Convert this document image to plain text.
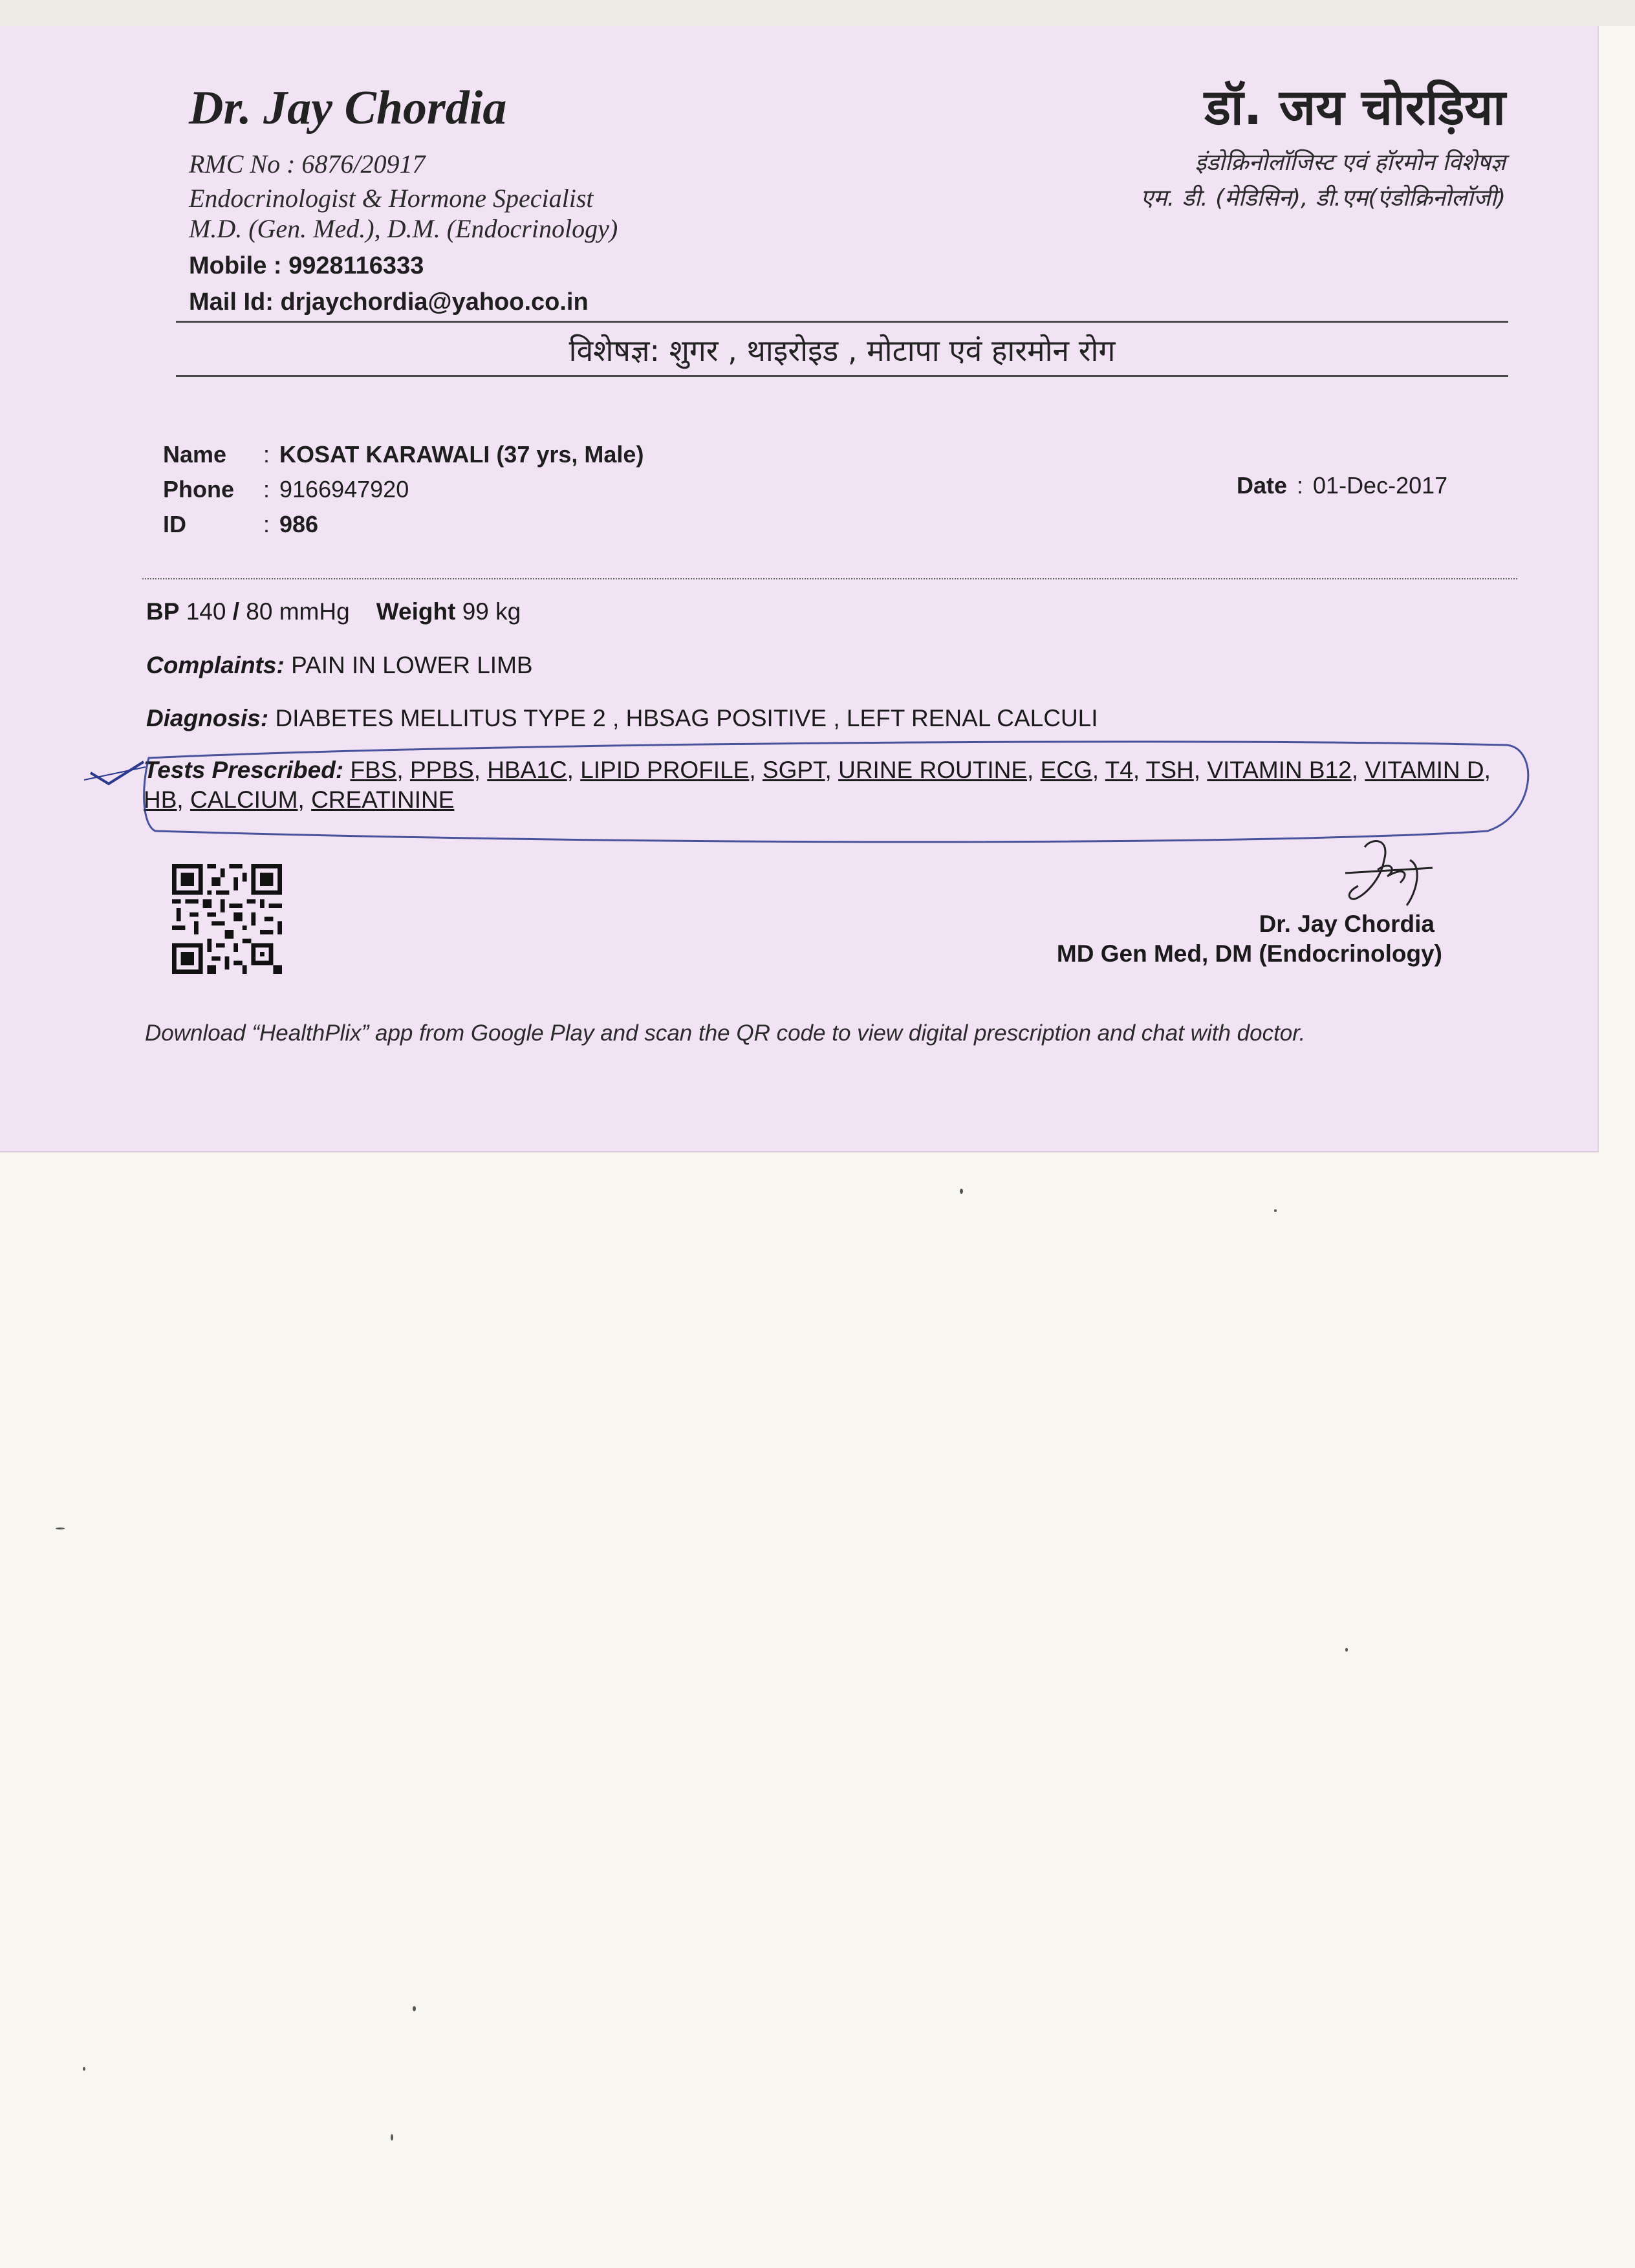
Dr. Jay Chordia
RMC No : 6876/20917
Endocrinologist & Hormone Specialist
M.D. (Gen. Med.), D.M. (Endocrinology)
Mobile : 9928116333
Mail Id: drjaychordia@yahoo.co.in
डॉ. जय चोरड़िया
इंडोक्रिनोलॉजिस्ट एवं हॉरमोन विशेषज्ञ
एम. डी. (मेडिसिन), डी.एम(एंडोक्रिनोलॉजी)
विशेषज्ञ: शुगर , थाइरोइड , मोटापा एवं हारमोन रोग
Name : KOSAT KARAWALI (37 yrs, Male)
Phone : 9166947920
ID	: 986
Date : 01-Dec-2017
BP 140 / 80 mmHg Weight 99 kg
Complaints: PAIN IN LOWER LIMB
Diagnosis: DIABETES MELLITUS TYPE 2 , HBSAG POSITIVE , LEFT RENAL CALCULI
Tests Prescribed: FBS, PPBS, HBA1C, LIPID PROFILE, SGPT, URINE ROUTINE, ECG, T4, TSH, VITAMIN B12, VITAMIN D, HB, CALCIUM, CREATININE
Dr. Jay Chordia
MD Gen Med, DM (Endocrinology)
Download “HealthPlix” app from Google Play and scan the QR code to view digital prescription and chat with doctor.
